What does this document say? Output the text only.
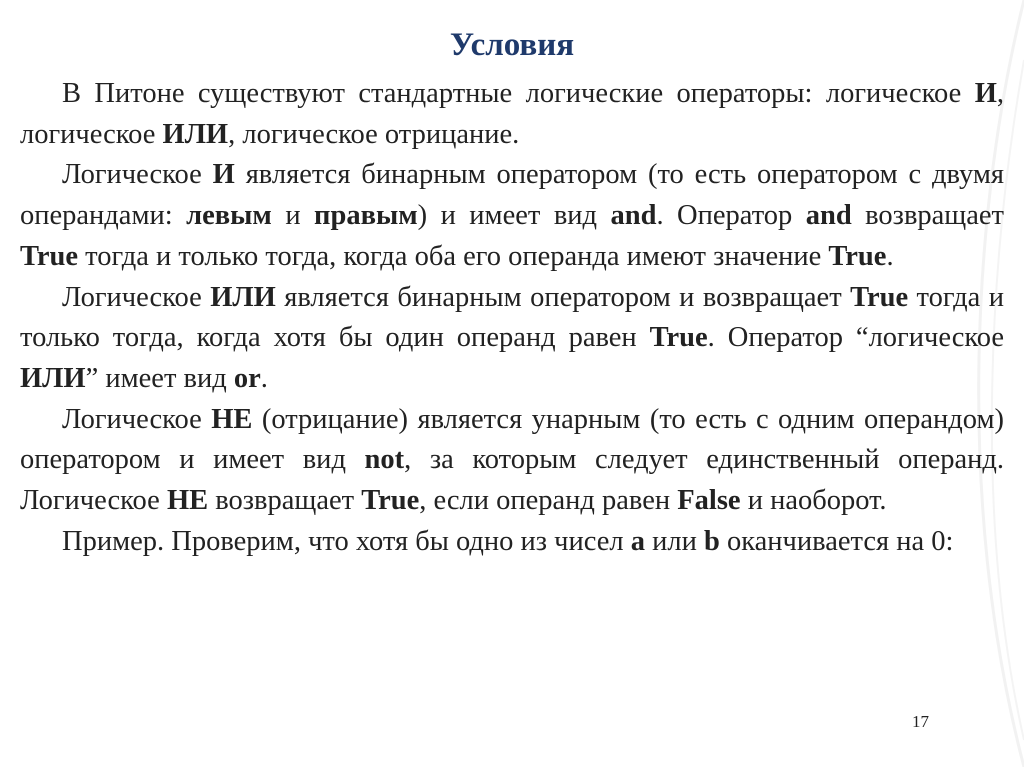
Условия

В Питоне существуют стандартные логические операторы: логическое И, логическое ИЛИ, логическое отрицание.

Логическое И является бинарным оператором (то есть оператором с двумя операндами: левым и правым) и имеет вид and. Оператор and возвращает True тогда и только тогда, когда оба его операнда имеют значение True.

Логическое ИЛИ является бинарным оператором и возвращает True тогда и только тогда, когда хотя бы один операнд равен True. Оператор “логическое ИЛИ” имеет вид or.

Логическое НЕ (отрицание) является унарным (то есть с одним операндом) оператором и имеет вид not, за которым следует единственный операнд. Логическое НЕ возвращает True, если операнд равен False и наоборот.

Пример. Проверим, что хотя бы одно из чисел a или b оканчивается на 0:

17
